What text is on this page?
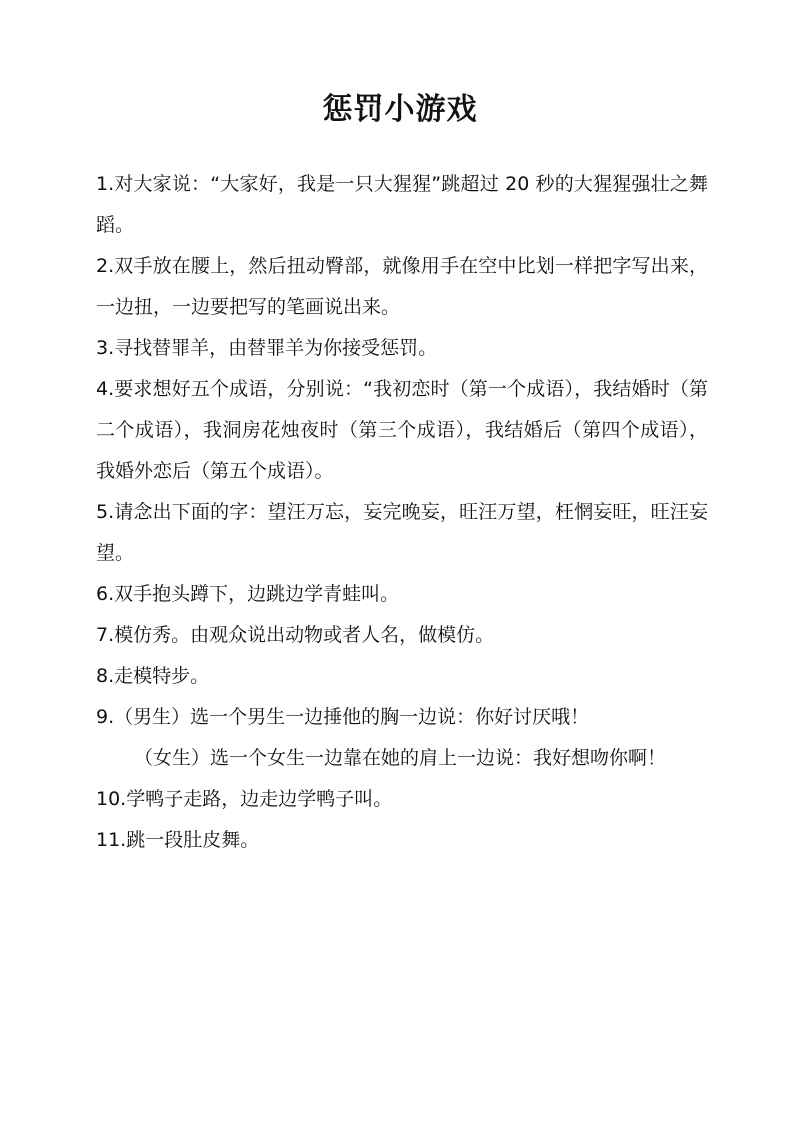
惩罚小游戏

1.对大家说：“大家好，我是一只大猩猩”跳超过 20 秒的大猩猩强壮之舞蹈。

2.双手放在腰上，然后扭动臀部，就像用手在空中比划一样把字写出来，一边扭，一边要把写的笔画说出来。

3.寻找替罪羊，由替罪羊为你接受惩罚。

4.要求想好五个成语，分别说：“我初恋时（第一个成语），我结婚时（第二个成语），我洞房花烛夜时（第三个成语），我结婚后（第四个成语），我婚外恋后（第五个成语）。

5.请念出下面的字：望汪万忘，妄完晚妄，旺汪万望，枉惘妄旺，旺汪妄望。

6.双手抱头蹲下，边跳边学青蛙叫。

7.模仿秀。由观众说出动物或者人名，做模仿。

8.走模特步。

9.（男生）选一个男生一边捶他的胸一边说：你好讨厌哦！

（女生）选一个女生一边靠在她的肩上一边说：我好想吻你啊！

10.学鸭子走路，边走边学鸭子叫。

11.跳一段肚皮舞。
